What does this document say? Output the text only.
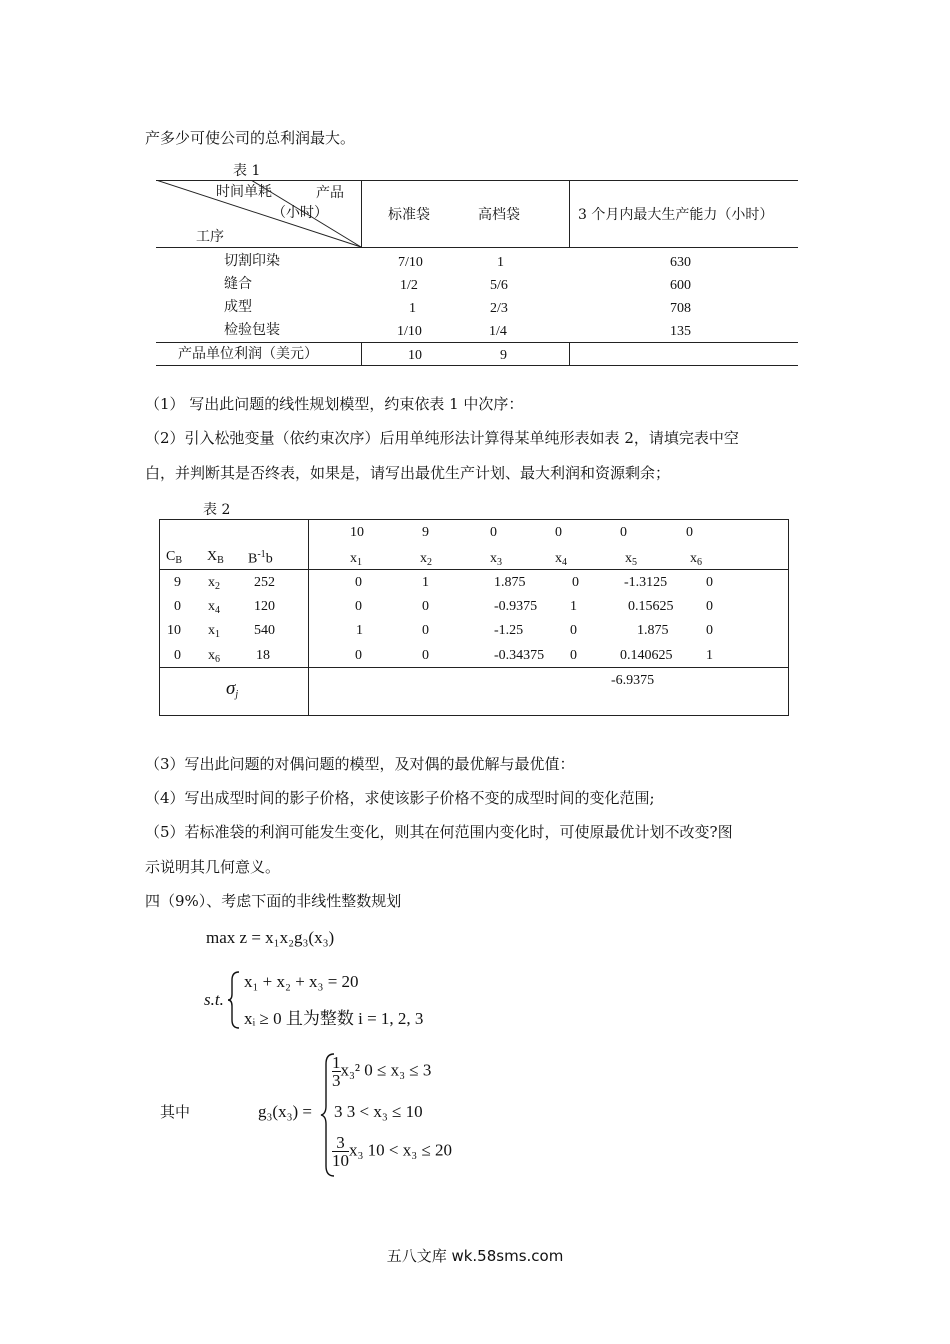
产多少可使公司的总利润最大。
表 1
时间单耗	产品
（小时）
工序
标准袋	高档袋	3 个月内最大生产能力（小时）
切割印染	7/10	1	630
缝合	1/2	5/6	600
成型	1	2/3	708
检验包装	1/10	1/4	135
产品单位利润（美元）	10	9
（1） 写出此问题的线性规划模型，约束依表 1 中次序：
（2）引入松弛变量（依约束次序）后用单纯形法计算得某单纯形表如表 2，请填完表中空
白，并判断其是否终表，如果是，请写出最优生产计划、最大利润和资源剩余；
表 2
10	9	0	0	0	0
$C_B$ $X_B$ $B^{-1}b$	$x_1$	$x_2$	$x_3$	$x_4$	$x_5$	$x_6$
9 $x_2$ 252	0	1	1.875	0	-1.3125	0
0 $x_4$ 120	0	0	-0.9375 1	0.15625 0
10 $x_1$ 540	1	0	-1.25	0	1.875	0
0 $x_6$	18	0	0	-0.34375 0	0.140625 1
$\sigma_j$
-6.9375
（3）写出此问题的对偶问题的模型，及对偶的最优解与最优值：
（4）写出成型时间的影子价格，求使该影子价格不变的成型时间的变化范围;
（5）若标准袋的利润可能发生变化，则其在何范围内变化时，可使原最优计划不改变?图
示说明其几何意义。
四（9%）、考虑下面的非线性整数规划
max z = x₁x₂g₃(x₃)
s.t.
x₁ + x₂ + x₃ = 20
xᵢ ≥ 0 且为整数 i = 1, 2, 3
其中	g₃(x₃) =
$\frac{1}{3} x_3^2$ 0 ≤ x₃ ≤ 3
3 3 < x₃ ≤ 10
$\frac{3}{10} x_3$ 10 < x₃ ≤ 20
五八文库 wk.58sms.com
